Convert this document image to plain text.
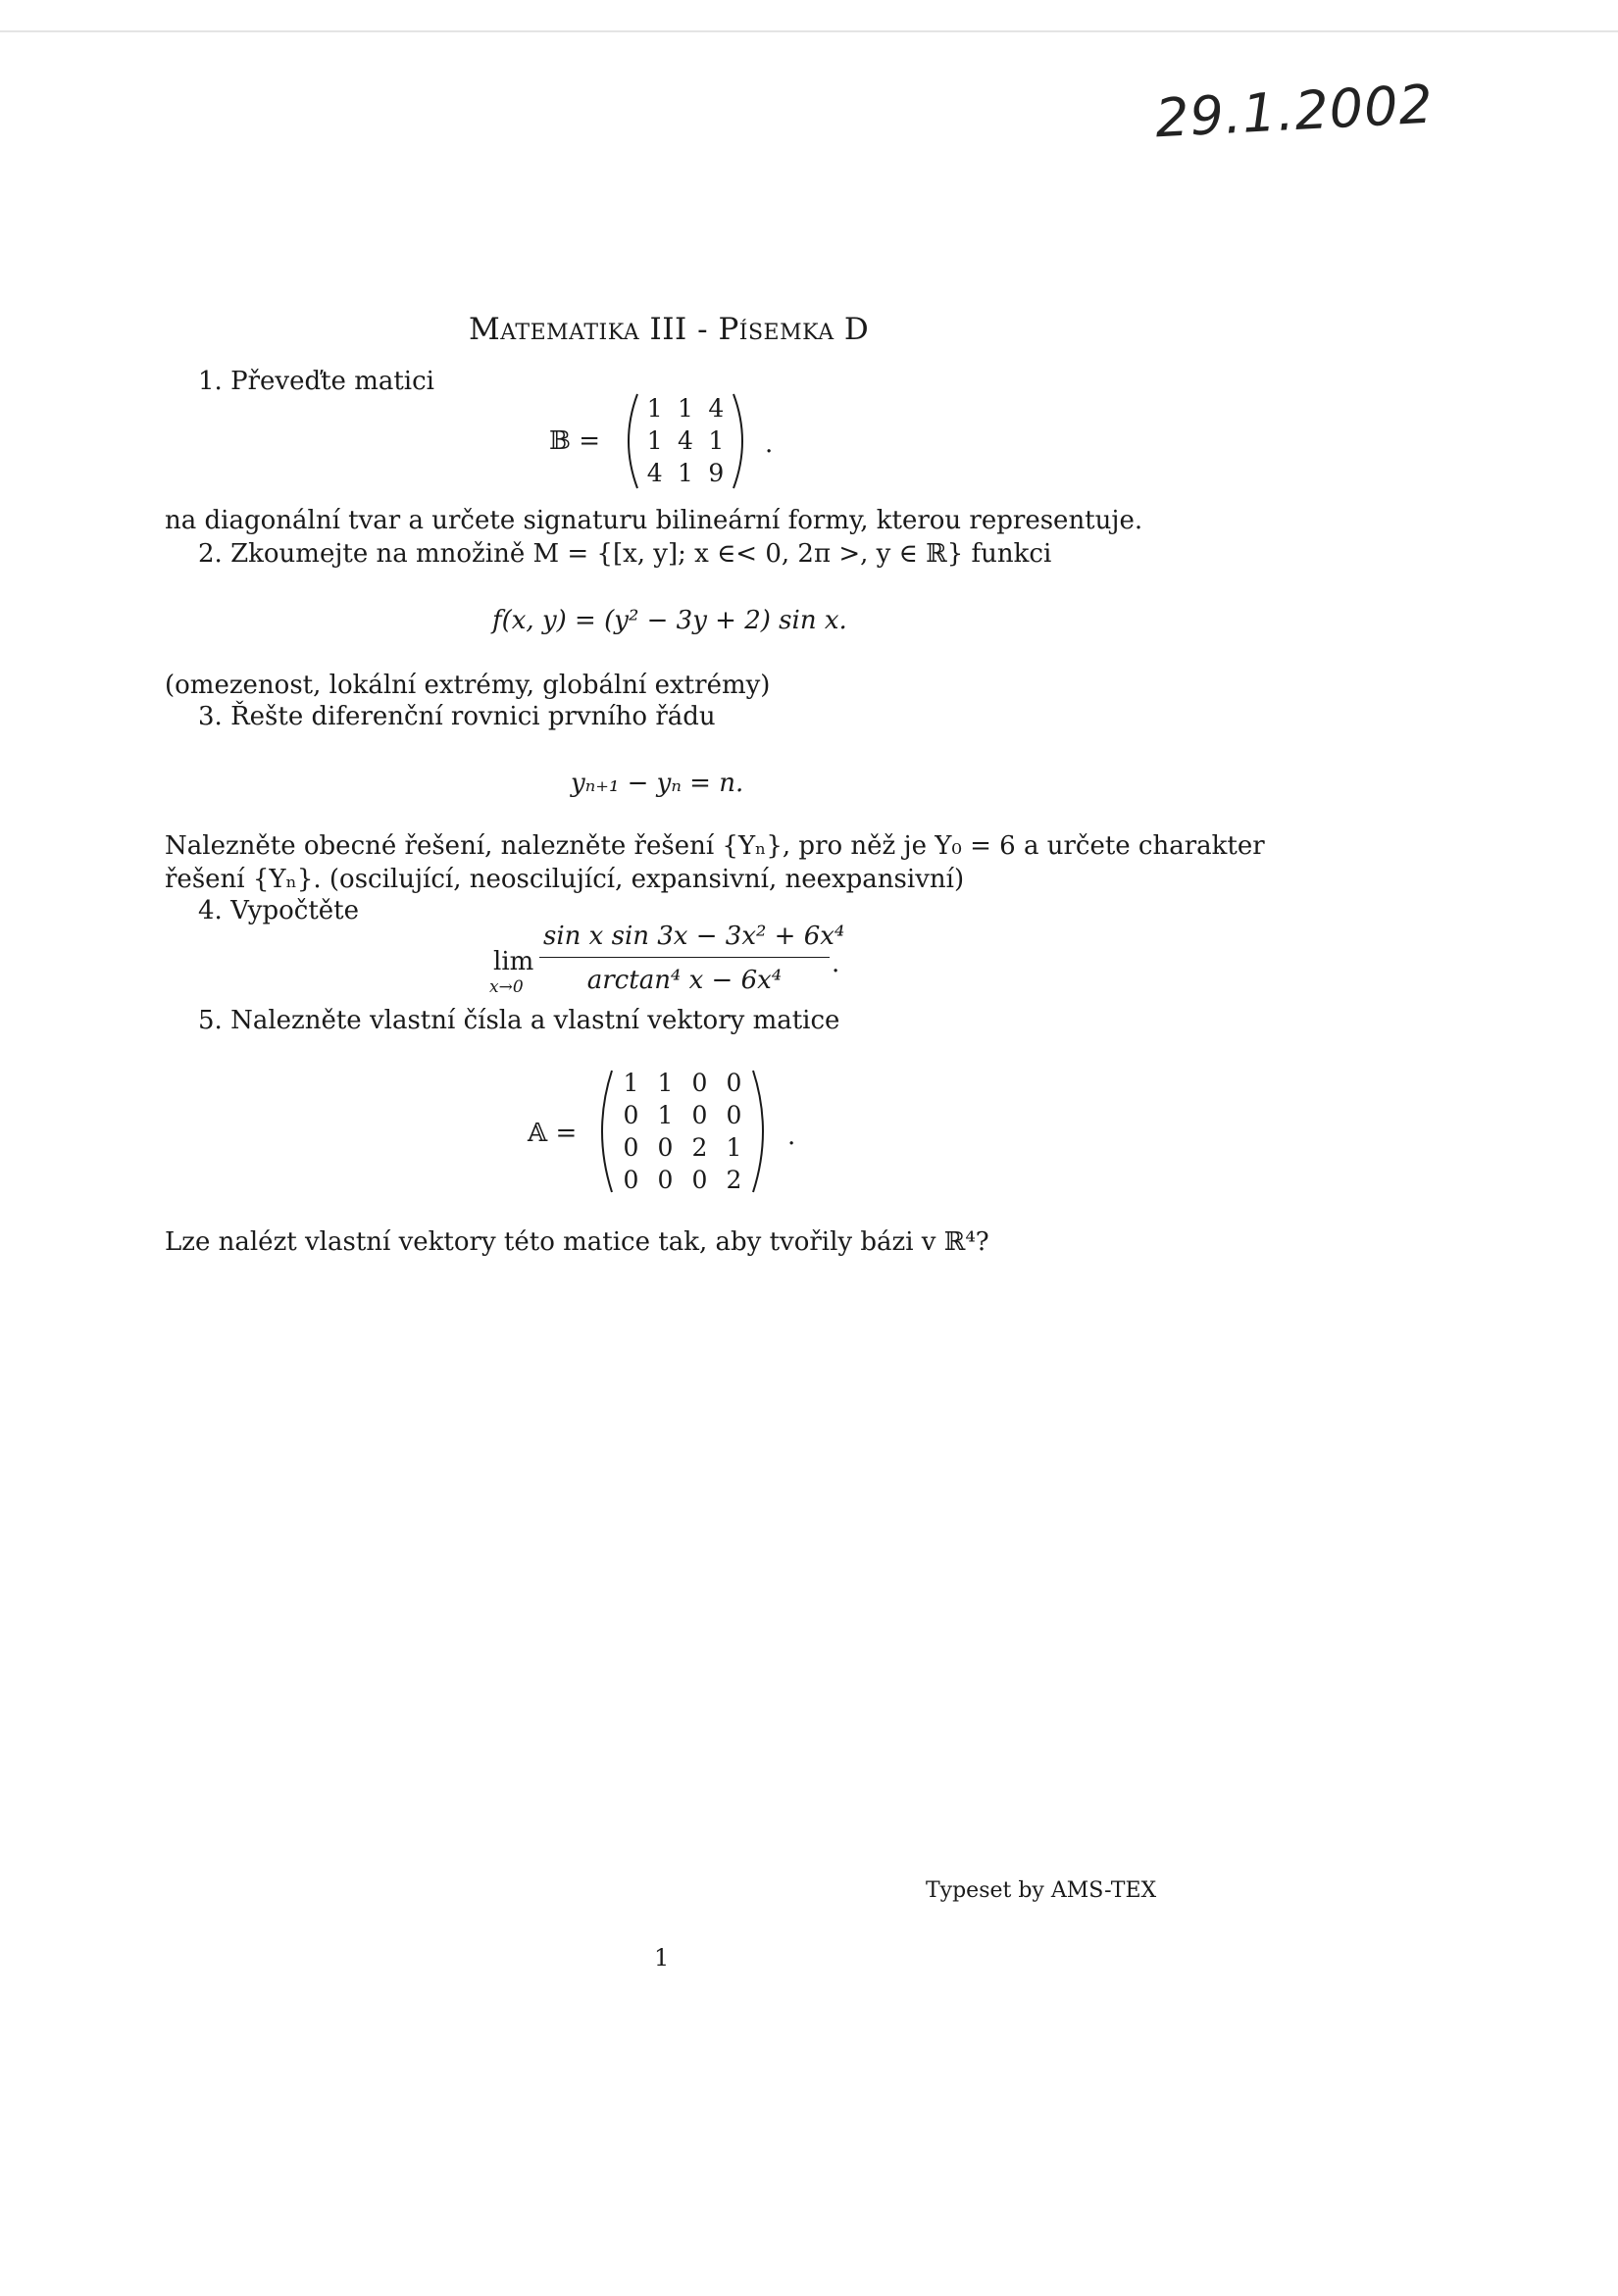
29.1.2002
Matematika III - Písemka D
1. Převeďte matici
𝔹 =
1	1	4
1	4	1
4	1	9
.
na diagonální tvar a určete signaturu bilineární formy, kterou representuje.
2. Zkoumejte na množině M = {[x, y]; x ∈< 0, 2π >, y ∈ ℝ} funkci
f(x, y) = (y² − 3y + 2) sin x.
(omezenost, lokální extrémy, globální extrémy)
3. Řešte diferenční rovnici prvního řádu
yₙ₊₁ − yₙ = n.
Nalezněte obecné řešení, nalezněte řešení {Yₙ}, pro něž je Y₀ = 6 a určete charakter
řešení {Yₙ}. (oscilující, neoscilující, expansivní, neexpansivní)
4. Vypočtěte
lim
$x\to 0 \frac{\text{sin x sin 3x − 3x² + 6x⁴}}{\text{arctan⁴ x − 6x⁴}}$ .
5. Nalezněte vlastní čísla a vlastní vektory matice
𝔸 =
1	1	0	0
0	1	0	0
0	0	2	1
0	0	0	2
.
Lze nalézt vlastní vektory této matice tak, aby tvořily bázi v ℝ⁴?
Typeset by AMS-TEX
1
